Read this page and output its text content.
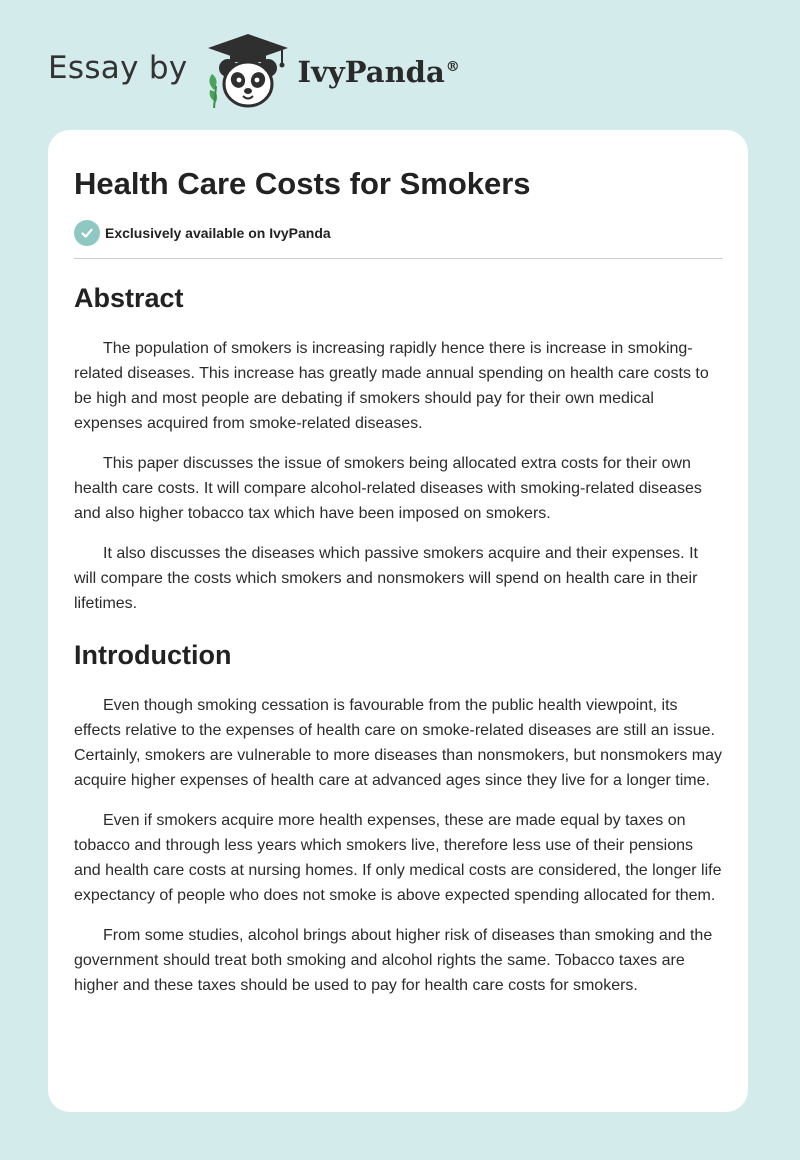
Essay by	IvyPanda®
Health Care Costs for Smokers
Exclusively available on IvyPanda
Abstract

The population of smokers is increasing rapidly hence there is increase in smoking-related diseases. This increase has greatly made annual spending on health care costs to be high and most people are debating if smokers should pay for their own medical expenses acquired from smoke-related diseases.

This paper discusses the issue of smokers being allocated extra costs for their own health care costs. It will compare alcohol-related diseases with smoking-related diseases and also higher tobacco tax which have been imposed on smokers.

It also discusses the diseases which passive smokers acquire and their expenses. It will compare the costs which smokers and nonsmokers will spend on health care in their lifetimes.

Introduction

Even though smoking cessation is favourable from the public health viewpoint, its effects relative to the expenses of health care on smoke-related diseases are still an issue. Certainly, smokers are vulnerable to more diseases than nonsmokers, but nonsmokers may acquire higher expenses of health care at advanced ages since they live for a longer time.

Even if smokers acquire more health expenses, these are made equal by taxes on tobacco and through less years which smokers live, therefore less use of their pensions and health care costs at nursing homes. If only medical costs are considered, the longer life expectancy of people who does not smoke is above expected spending allocated for them.

From some studies, alcohol brings about higher risk of diseases than smoking and the government should treat both smoking and alcohol rights the same. Tobacco taxes are higher and these taxes should be used to pay for health care costs for smokers.
